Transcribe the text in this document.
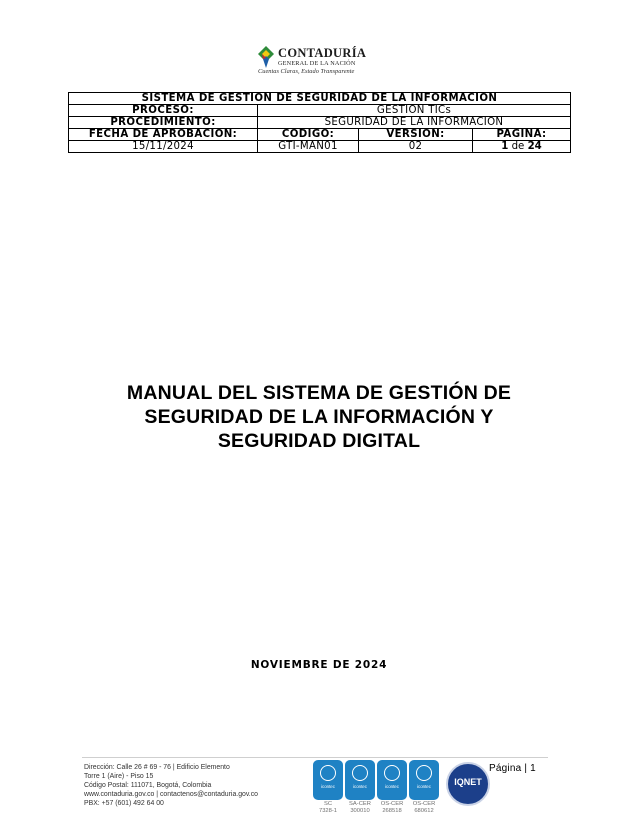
CONTADURÍA
GENERAL DE LA NACIÓN
Cuentas Claras, Estado Transparente
SISTEMA DE GESTIÓN DE SEGURIDAD DE LA INFORMACIÓN			
PROCESO:	GESTIÓN TICs		
PROCEDIMIENTO:	SEGURIDAD DE LA INFORMACIÓN		
FECHA DE APROBACIÓN:	CÓDIGO:	VERSIÓN:	PÁGINA:
15/11/2024	GTI-MAN01	02	1 de 24
MANUAL DEL SISTEMA DE GESTIÓN DE
SEGURIDAD DE LA INFORMACIÓN Y
SEGURIDAD DIGITAL
NOVIEMBRE DE 2024
Dirección: Calle 26 # 69 - 76 | Edificio Elemento
Torre 1 (Aire) - Piso 15
Código Postal: 111071, Bogotá, Colombia
www.contaduria.gov.co | contactenos@contaduria.gov.co
PBX: +57 (601) 492 64 00
icontec
SC
7328-1
icontec
SA-CER
300010
icontec
OS-CER
268518
icontec
OS-CER
680612
IQNET
Página | 1
